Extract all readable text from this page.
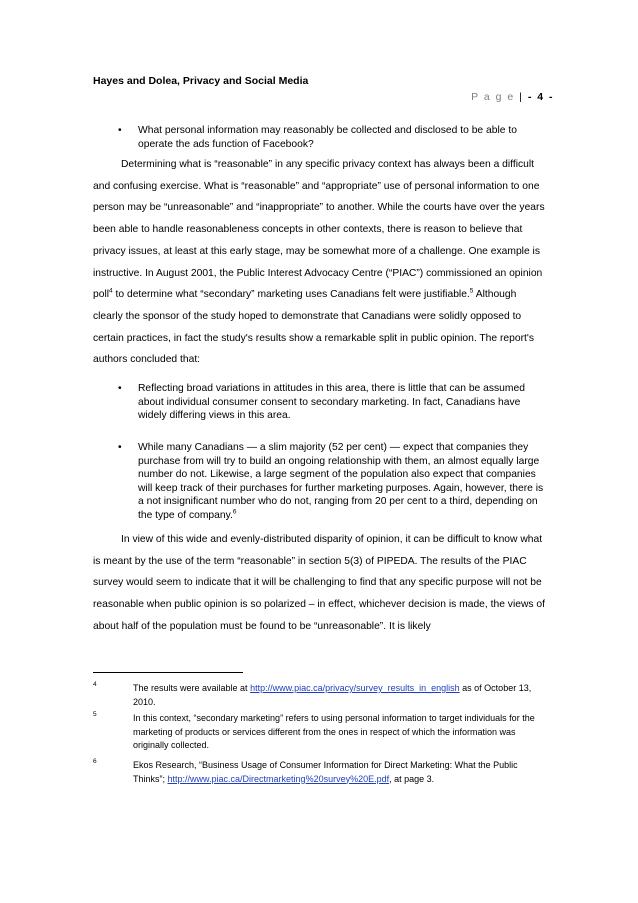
Hayes and Dolea, Privacy and Social Media
P a g e | - 4 -
• What personal information may reasonably be collected and disclosed to be able to operate the ads function of Facebook?

Determining what is “reasonable” in any specific privacy context has always been a difficult and confusing exercise. What is “reasonable” and “appropriate” use of personal information to one person may be “unreasonable” and “inappropriate” to another. While the courts have over the years been able to handle reasonableness concepts in other contexts, there is reason to believe that privacy issues, at least at this early stage, may be somewhat more of a challenge. One example is instructive. In August 2001, the Public Interest Advocacy Centre (“PIAC”) commissioned an opinion poll$^4$ to determine what “secondary” marketing uses Canadians felt were justifiable.$^5$ Although clearly the sponsor of the study hoped to demonstrate that Canadians were solidly opposed to certain practices, in fact the study's results show a remarkable split in public opinion. The report's authors concluded that:

• Reflecting broad variations in attitudes in this area, there is little that can be assumed about individual consumer consent to secondary marketing. In fact, Canadians have widely differing views in this area.
• While many Canadians — a slim majority (52 per cent) — expect that companies they purchase from will try to build an ongoing relationship with them, an almost equally large number do not. Likewise, a large segment of the population also expect that companies will keep track of their purchases for further marketing purposes. Again, however, there is a not insignificant number who do not, ranging from 20 per cent to a third, depending on the type of company.$^6$

In view of this wide and evenly-distributed disparity of opinion, it can be difficult to know what is meant by the use of the term “reasonable” in section 5(3) of PIPEDA. The results of the PIAC survey would seem to indicate that it will be challenging to find that any specific purpose will not be reasonable when public opinion is so polarized – in effect, whichever decision is made, the views of about half of the population must be found to be “unreasonable”. It is likely

4	The results were available at http://www.piac.ca/privacy/survey_results_in_english as of October 13, 2010.
5	In this context, “secondary marketing” refers to using personal information to target individuals for the marketing of products or services different from the ones in respect of which the information was originally collected.
6	Ekos Research, “Business Usage of Consumer Information for Direct Marketing: What the Public Thinks”; http://www.piac.ca/Directmarketing%20survey%20E.pdf, at page 3.
